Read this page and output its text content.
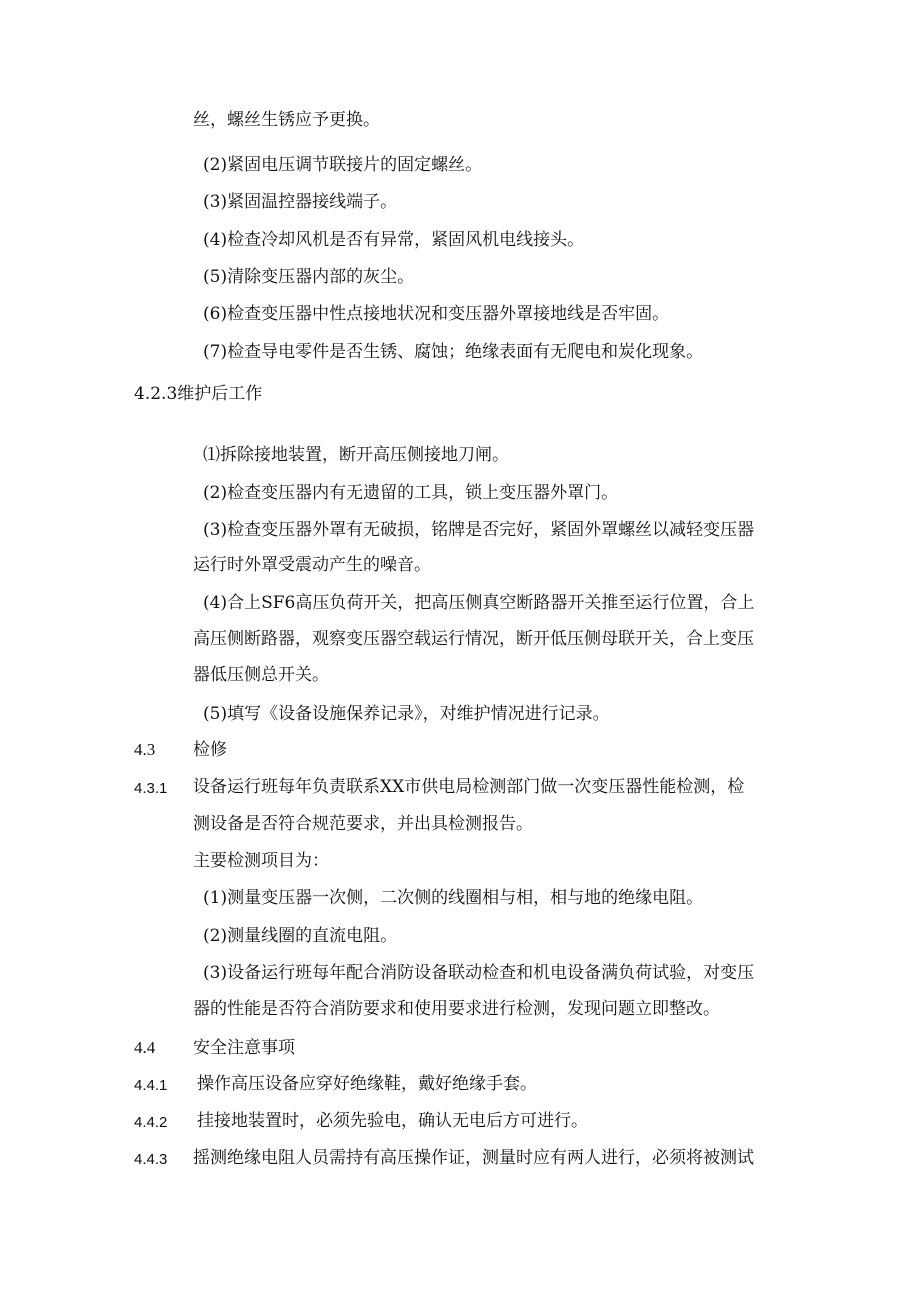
丝，螺丝生锈应予更换。
(2)紧固电压调节联接片的固定螺丝。
(3)紧固温控器接线端子。
(4)检查冷却风机是否有异常，紧固风机电线接头。
(5)清除变压器内部的灰尘。
(6)检查变压器中性点接地状况和变压器外罩接地线是否牢固。
(7)检查导电零件是否生锈、腐蚀；绝缘表面有无爬电和炭化现象。
4.2.3维护后工作
⑴拆除接地装置，断开高压侧接地刀闸。
(2)检查变压器内有无遗留的工具，锁上变压器外罩门。
(3)检查变压器外罩有无破损，铭牌是否完好，紧固外罩螺丝以减轻变压器
运行时外罩受震动产生的噪音。
(4)合上SF6高压负荷开关，把高压侧真空断路器开关推至运行位置，合上
高压侧断路器，观察变压器空载运行情况，断开低压侧母联开关，合上变压
器低压侧总开关。
(5)填写《设备设施保养记录》，对维护情况进行记录。
4.3 检修
4.3.1 设备运行班每年负责联系XX市供电局检测部门做一次变压器性能检测，检
测设备是否符合规范要求，并出具检测报告。
主要检测项目为：
(1)测量变压器一次侧，二次侧的线圈相与相，相与地的绝缘电阻。
(2)测量线圈的直流电阻。
(3)设备运行班每年配合消防设备联动检查和机电设备满负荷试验，对变压
器的性能是否符合消防要求和使用要求进行检测，发现问题立即整改。
4.4 安全注意事项
4.4.1 操作高压设备应穿好绝缘鞋，戴好绝缘手套。
4.4.2 挂接地装置时，必须先验电，确认无电后方可进行。
4.4.3 摇测绝缘电阻人员需持有高压操作证，测量时应有两人进行，必须将被测试
